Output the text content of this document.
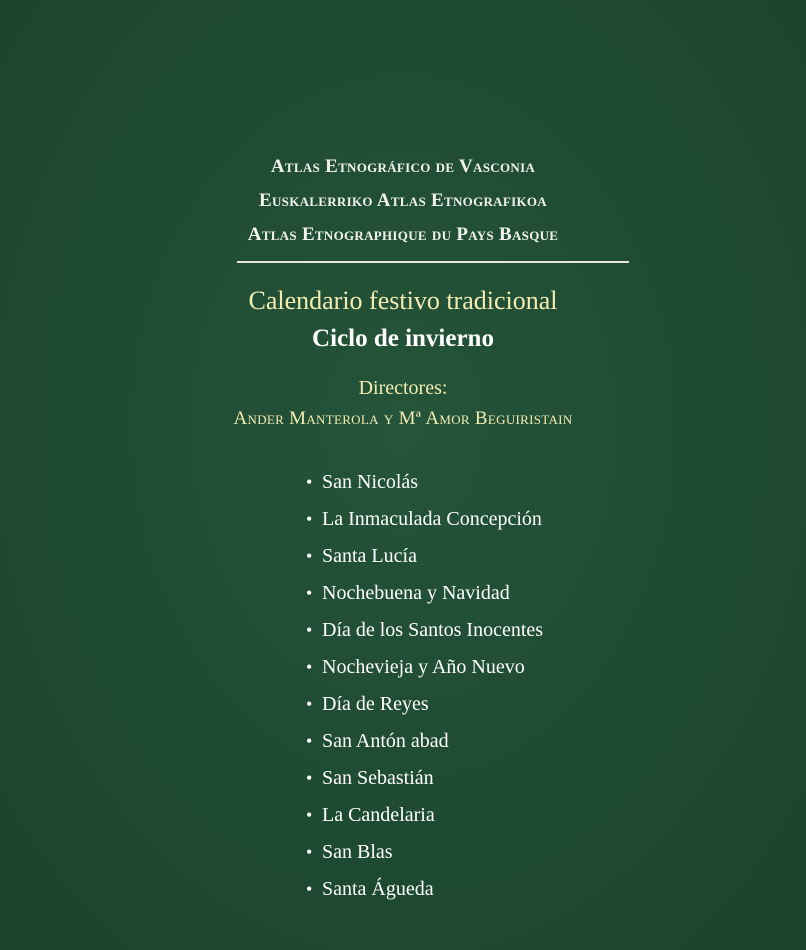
Atlas Etnográfico de Vasconia
Euskalerriko Atlas Etnografikoa
Atlas Etnographique du Pays Basque
Calendario festivo tradicional
Ciclo de invierno
Directores:
Ander Manterola y Mª Amor Beguiristain
• San Nicolás
• La Inmaculada Concepción
• Santa Lucía
• Nochebuena y Navidad
• Día de los Santos Inocentes
• Nochevieja y Año Nuevo
• Día de Reyes
• San Antón abad
• San Sebastián
• La Candelaria
• San Blas
• Santa Águeda
